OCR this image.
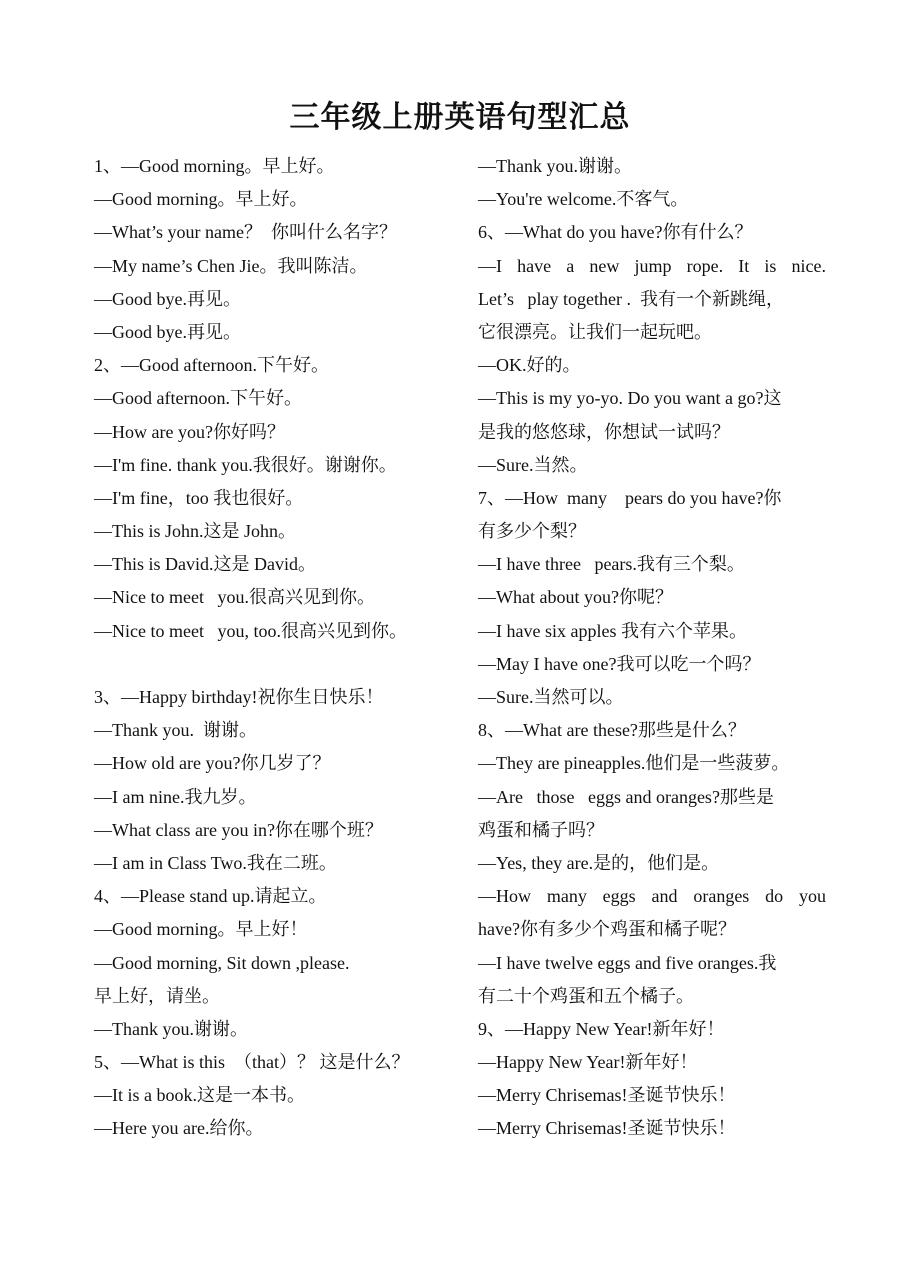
三年级上册英语句型汇总
1、—Good morning。早上好。
—Good morning。早上好。
—What’s your name？  你叫什么名字？
—My name’s Chen Jie。我叫陈洁。
—Good bye.再见。
—Good bye.再见。
2、—Good afternoon.下午好。
—Good afternoon.下午好。
—How are you?你好吗？
—I'm fine. thank you.我很好。谢谢你。
—I'm fine，too 我也很好。
—This is John.这是 John。
—This is David.这是 David。
—Nice to meet   you.很高兴见到你。
—Nice to meet   you, too.很高兴见到你。
3、—Happy birthday!祝你生日快乐！
—Thank you.  谢谢。
—How old are you?你几岁了？
—I am nine.我九岁。
—What class are you in?你在哪个班？
—I am in Class Two.我在二班。
4、—Please stand up.请起立。
—Good morning。早上好！
—Good morning, Sit down ,please.
早上好，请坐。
—Thank you.谢谢。
5、—What is this  （that）？ 这是什么？
—It is a book.这是一本书。
—Here you are.给你。
—Thank you.谢谢。
—You're welcome.不客气。
6、—What do you have?你有什么？
—I have a new jump rope. It is nice.
Let’s   play together .  我有一个新跳绳，
它很漂亮。让我们一起玩吧。
—OK.好的。
—This is my yo-yo. Do you want a go?这
是我的悠悠球，你想试一试吗？
—Sure.当然。
7、—How  many    pears do you have?你
有多少个梨？
—I have three   pears.我有三个梨。
—What about you?你呢？
—I have six apples 我有六个苹果。
—May I have one?我可以吃一个吗？
—Sure.当然可以。
8、—What are these?那些是什么？
—They are pineapples.他们是一些菠萝。
—Are   those   eggs and oranges?那些是
鸡蛋和橘子吗？
—Yes, they are.是的，他们是。
—How many eggs and oranges do you
have?你有多少个鸡蛋和橘子呢？
—I have twelve eggs and five oranges.我
有二十个鸡蛋和五个橘子。
9、—Happy New Year!新年好！
—Happy New Year!新年好！
—Merry Chrisemas!圣诞节快乐！
—Merry Chrisemas!圣诞节快乐！
